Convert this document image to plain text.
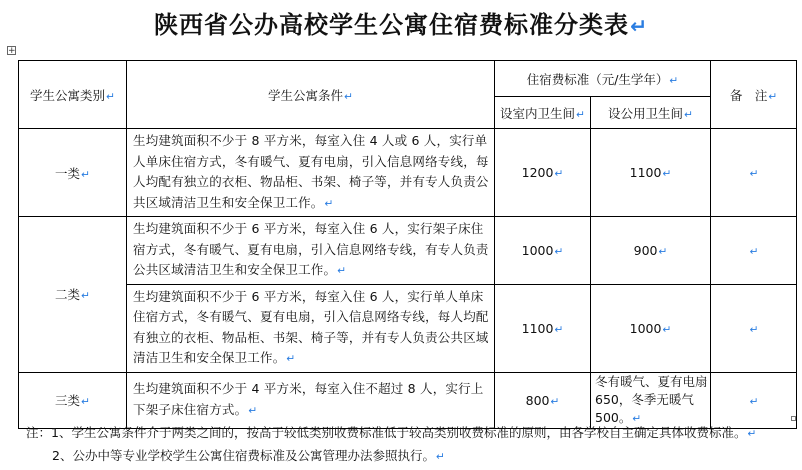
陕西省公办高校学生公寓住宿费标准分类表↵
+
学生公寓类别↵	学生公寓条件↵	住宿费标准（元/生学年）↵		备　注↵
		设室内卫生间↵	设公用卫生间↵	
一类↵	生均建筑面积不少于 8 平方米，每室入住 4 人或 6 人，实行单人单床住宿方式，冬有暖气、夏有电扇，引入信息网络专线，每人均配有独立的衣柜、物品柜、书架、椅子等，并有专人负责公共区域清洁卫生和安全保卫工作。↵	1200↵	1100↵	↵
二类↵	生均建筑面积不少于 6 平方米，每室入住 6 人，实行架子床住宿方式，冬有暖气、夏有电扇，引入信息网络专线，有专人负责公共区域清洁卫生和安全保卫工作。↵	1000↵	900↵	↵
	生均建筑面积不少于 6 平方米，每室入住 6 人，实行单人单床住宿方式，冬有暖气、夏有电扇，引入信息网络专线，每人均配有独立的衣柜、物品柜、书架、椅子等，并有专人负责公共区域清洁卫生和安全保卫工作。↵	1100↵	1000↵	↵
三类↵	生均建筑面积不少于 4 平方米，每室入住不超过 8 人，实行上下架子床住宿方式。↵	800↵	冬有暖气、夏有电扇 650，冬季无暖气 500。↵	↵
注：1、学生公寓条件介于两类之间的，按高于较低类别收费标准低于较高类别收费标准的原则，由各学校自主确定具体收费标准。↵
2、公办中等专业学校学生公寓住宿费标准及公寓管理办法参照执行。↵
